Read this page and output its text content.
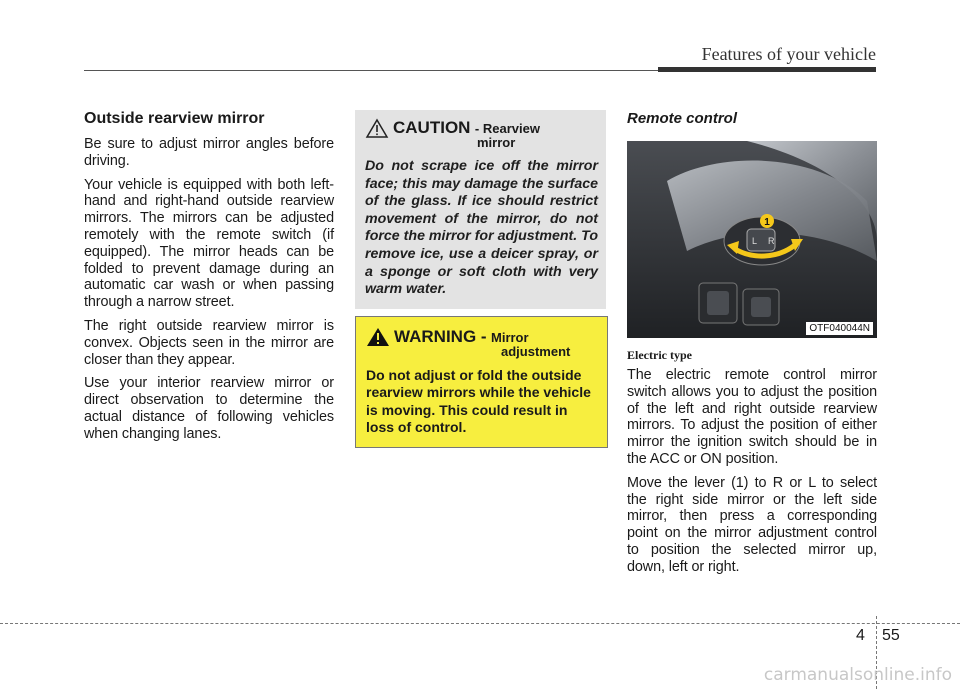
Features of your vehicle
Outside rearview mirror

Be sure to adjust mirror angles before driving.

Your vehicle is equipped with both left-hand and right-hand outside rearview mirrors. The mirrors can be adjusted remotely with the remote switch (if equipped). The mirror heads can be folded to prevent damage during an automatic car wash or when passing through a narrow street.

The right outside rearview mirror is convex. Objects seen in the mirror are closer than they appear.

Use your interior rearview mirror or direct observation to determine the actual distance of following vehicles when changing lanes.

CAUTION - Rearview
mirror

Do not scrape ice off the mirror face; this may damage the surface of the glass. If ice should restrict movement of the mirror, do not force the mirror for adjustment. To remove ice, use a deicer spray, or a sponge or soft cloth with very warm water.

WARNING - Mirror
adjustment

Do not adjust or fold the outside rearview mirrors while the vehicle is moving. This could result in loss of control.

Remote control
1
L R
OTF040044N
Electric type

The electric remote control mirror switch allows you to adjust the position of the left and right outside rearview mirrors. To adjust the position of either mirror the ignition switch should be in the ACC or ON position.

Move the lever (1) to R or L to select the right side mirror or the left side mirror, then press a corresponding point on the mirror adjustment control to position the selected mirror up, down, left or right.

4 55
carmanualsonline.info
